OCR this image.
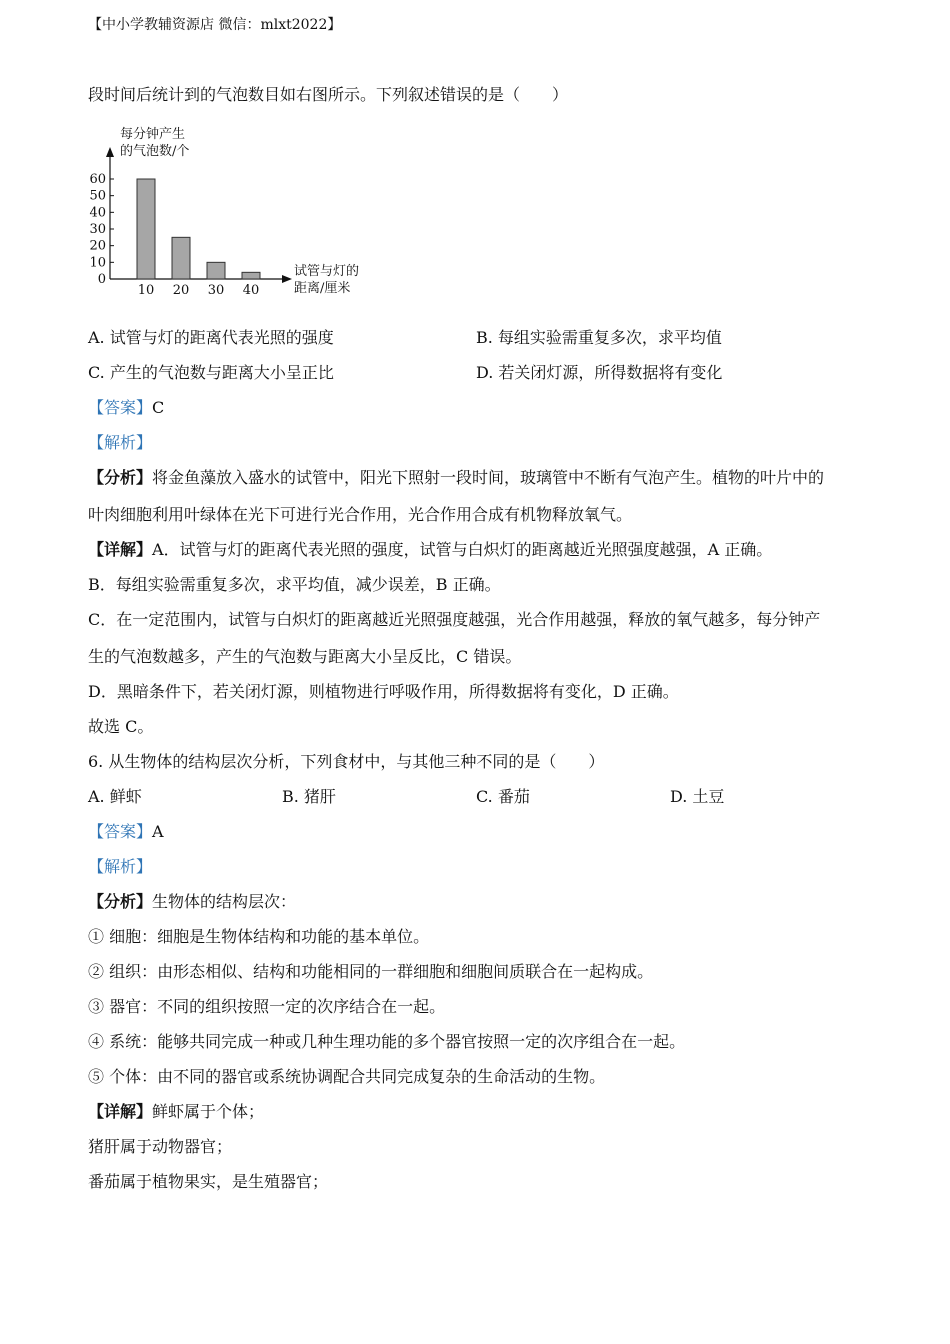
【中小学教辅资源店 微信：mlxt2022】
段时间后统计到的气泡数目如右图所示。下列叙述错误的是（　　）
每分钟产生
的气泡数/个
试管与灯的
距离/厘米
0
10
20
30
40
50
60
10 20 30 40
A. 试管与灯的距离代表光照的强度	B. 每组实验需重复多次，求平均值
C. 产生的气泡数与距离大小呈正比	D. 若关闭灯源，所得数据将有变化
【答案】C
【解析】
【分析】将金鱼藻放入盛水的试管中，阳光下照射一段时间，玻璃管中不断有气泡产生。植物的叶片中的
叶肉细胞利用叶绿体在光下可进行光合作用，光合作用合成有机物释放氧气。
【详解】A．试管与灯的距离代表光照的强度，试管与白炽灯的距离越近光照强度越强，A 正确。
B．每组实验需重复多次，求平均值，减少误差，B 正确。
C．在一定范围内，试管与白炽灯的距离越近光照强度越强，光合作用越强，释放的氧气越多，每分钟产
生的气泡数越多，产生的气泡数与距离大小呈反比，C 错误。
D．黑暗条件下，若关闭灯源，则植物进行呼吸作用，所得数据将有变化，D 正确。
故选 C。
6. 从生物体的结构层次分析，下列食材中，与其他三种不同的是（　　）
A. 鲜虾	B. 猪肝	C. 番茄	D. 土豆
【答案】A
【解析】
【分析】生物体的结构层次：
① 细胞：细胞是生物体结构和功能的基本单位。
② 组织：由形态相似、结构和功能相同的一群细胞和细胞间质联合在一起构成。
③ 器官：不同的组织按照一定的次序结合在一起。
④ 系统：能够共同完成一种或几种生理功能的多个器官按照一定的次序组合在一起。
⑤ 个体：由不同的器官或系统协调配合共同完成复杂的生命活动的生物。
【详解】鲜虾属于个体；
猪肝属于动物器官；
番茄属于植物果实，是生殖器官；
